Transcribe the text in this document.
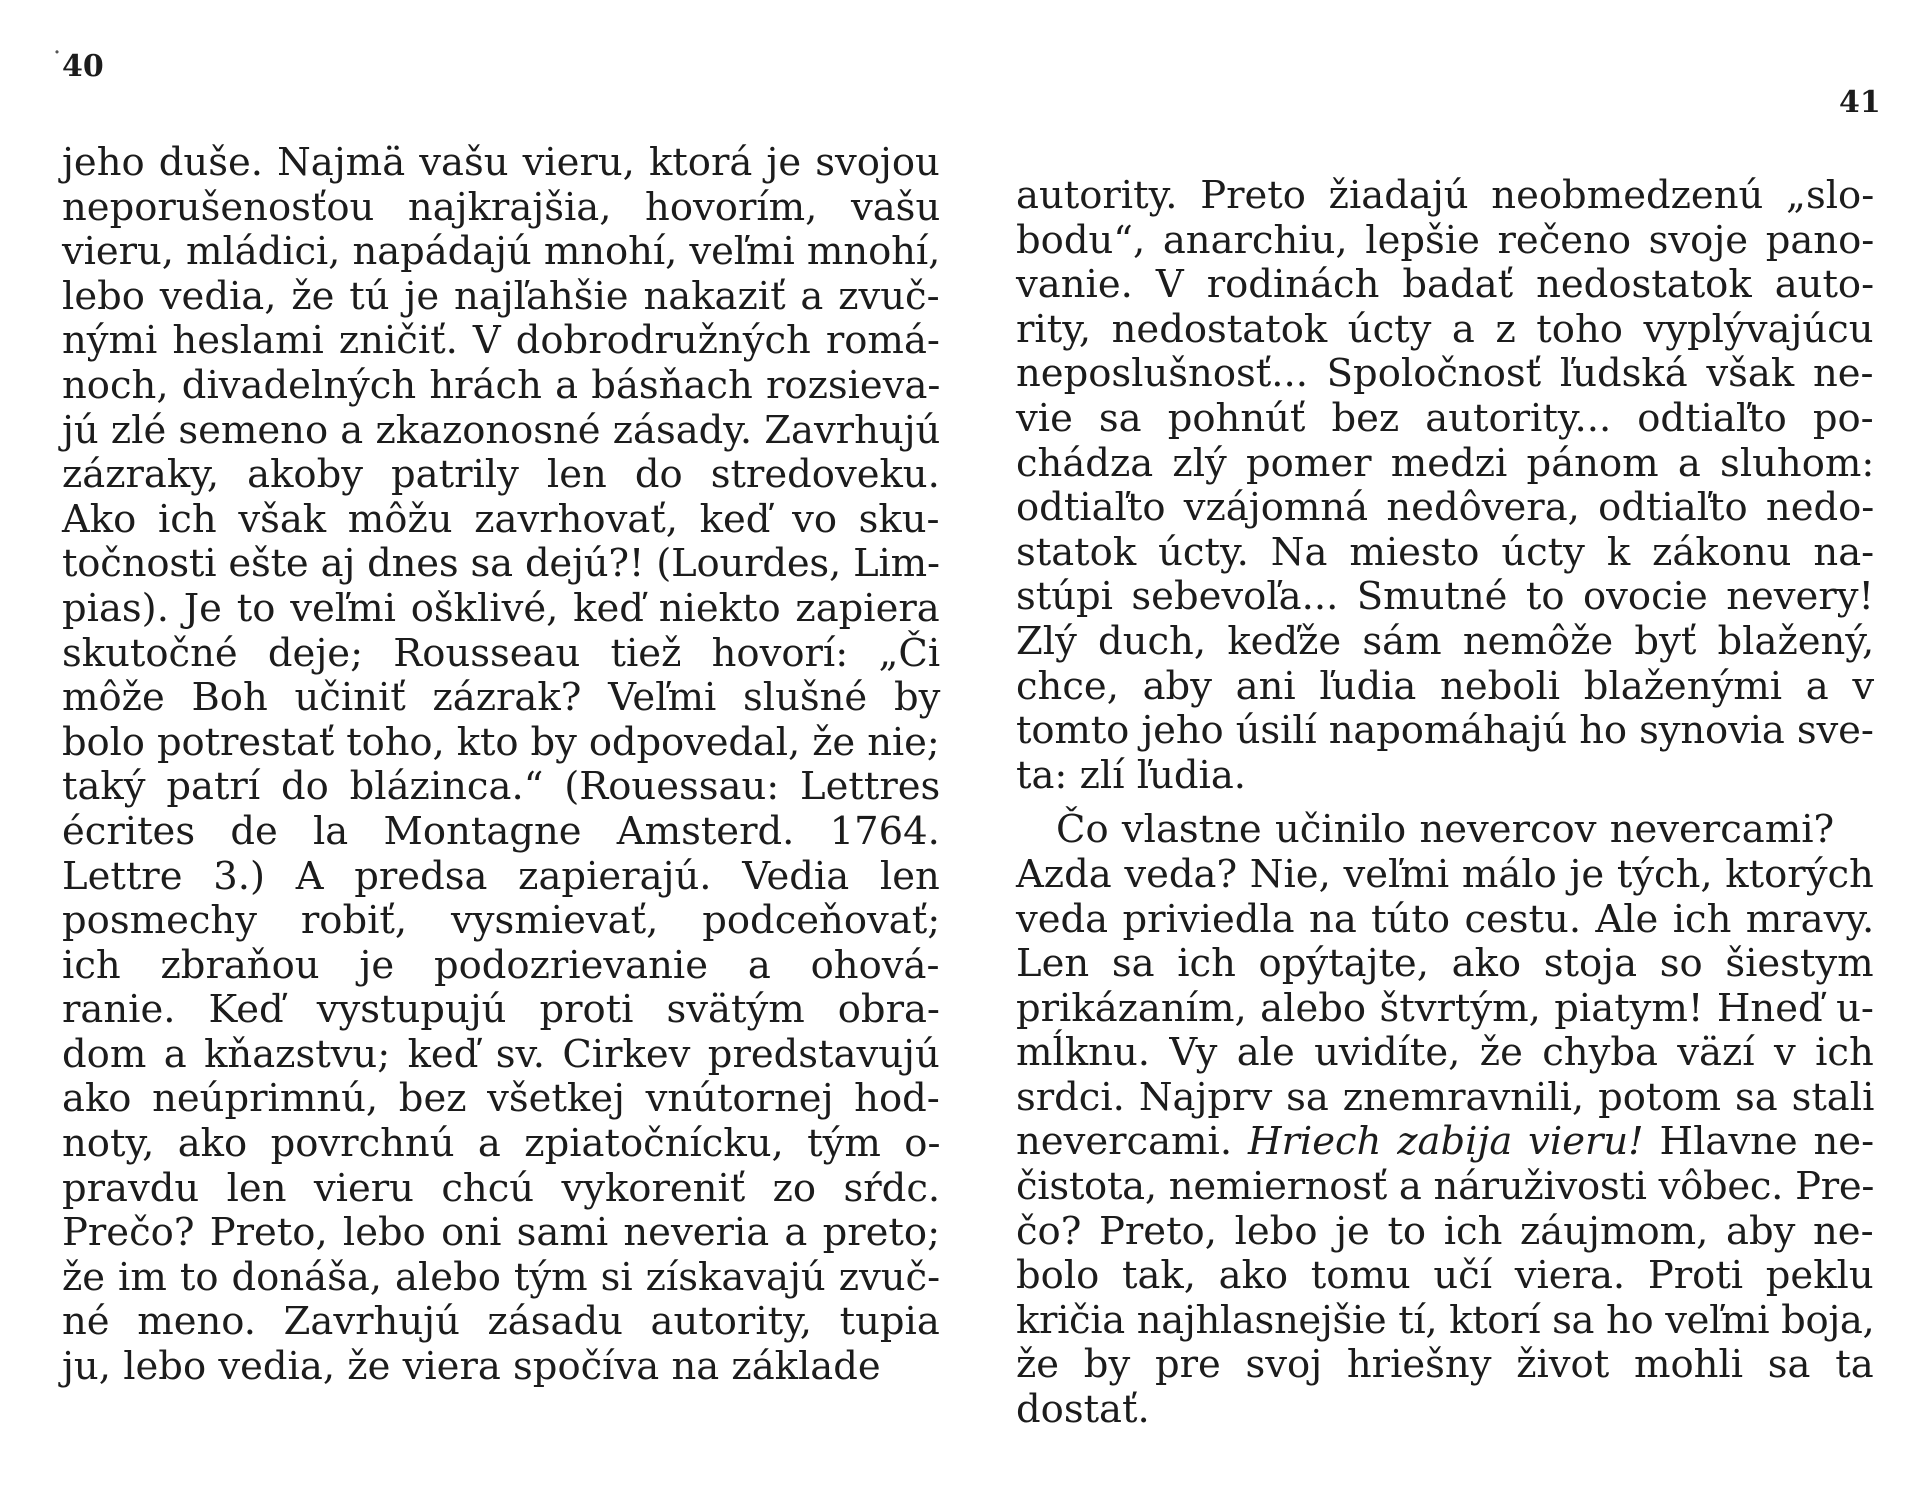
˙
40
jeho duše. Najmä vašu vieru, ktorá je svojou
neporušenosťou najkrajšia, hovorím, vašu
vieru, mládici, napádajú mnohí, veľmi mnohí,
lebo vedia, že tú je najľahšie nakaziť a zvuč-
nými heslami zničiť. V dobrodružných romá-
noch, divadelných hrách a básňach rozsieva-
jú zlé semeno a zkazonosné zásady. Zavrhujú
zázraky, akoby patrily len do stredoveku.
Ako ich však môžu zavrhovať, keď vo sku-
točnosti ešte aj dnes sa dejú?! (Lourdes, Lim-
pias). Je to veľmi ošklivé, keď niekto zapiera
skutočné deje; Rousseau tiež hovorí: „Či
môže Boh učiniť zázrak? Veľmi slušné by
bolo potrestať toho, kto by odpovedal, že nie;
taký patrí do blázinca.“ (Rouessau: Lettres
écrites de la Montagne Amsterd. 1764.
Lettre 3.) A predsa zapierajú. Vedia len
posmechy robiť, vysmievať, podceňovať;
ich zbraňou je podozrievanie a ohová-
ranie. Keď vystupujú proti svätým obra-
dom a kňazstvu; keď sv. Cirkev predstavujú
ako neúprimnú, bez všetkej vnútornej hod-
noty, ako povrchnú a zpiatočnícku, tým o-
pravdu len vieru chcú vykoreniť zo sŕdc.
Prečo? Preto, lebo oni sami neveria a preto;
že im to donáša, alebo tým si získavajú zvuč-
né meno. Zavrhujú zásadu autority, tupia
ju, lebo vedia, že viera spočíva na základe
41
autority. Preto žiadajú neobmedzenú „slo-
bodu“, anarchiu, lepšie rečeno svoje pano-
vanie. V rodinách badať nedostatok auto-
rity, nedostatok úcty a z toho vyplývajúcu
neposlušnosť... Spoločnosť ľudská však ne-
vie sa pohnúť bez autority... odtiaľto po-
chádza zlý pomer medzi pánom a sluhom:
odtiaľto vzájomná nedôvera, odtiaľto nedo-
statok úcty. Na miesto úcty k zákonu na-
stúpi sebevoľa... Smutné to ovocie nevery!
Zlý duch, keďže sám nemôže byť blažený,
chce, aby ani ľudia neboli blaženými a v
tomto jeho úsilí napomáhajú ho synovia sve-
ta: zlí ľudia.
Čo vlastne učinilo nevercov nevercami?
Azda veda? Nie, veľmi málo je tých, ktorých
veda priviedla na túto cestu. Ale ich mravy.
Len sa ich opýtajte, ako stoja so šiestym
prikázaním, alebo štvrtým, piatym! Hneď u-
mĺknu. Vy ale uvidíte, že chyba väzí v ich
srdci. Najprv sa znemravnili, potom sa stali
nevercami. Hriech zabija vieru! Hlavne ne-
čistota, nemiernosť a náruživosti vôbec. Pre-
čo? Preto, lebo je to ich záujmom, aby ne-
bolo tak, ako tomu učí viera. Proti peklu
kričia najhlasnejšie tí, ktorí sa ho veľmi boja,
že by pre svoj hriešny život mohli sa ta
dostať.
